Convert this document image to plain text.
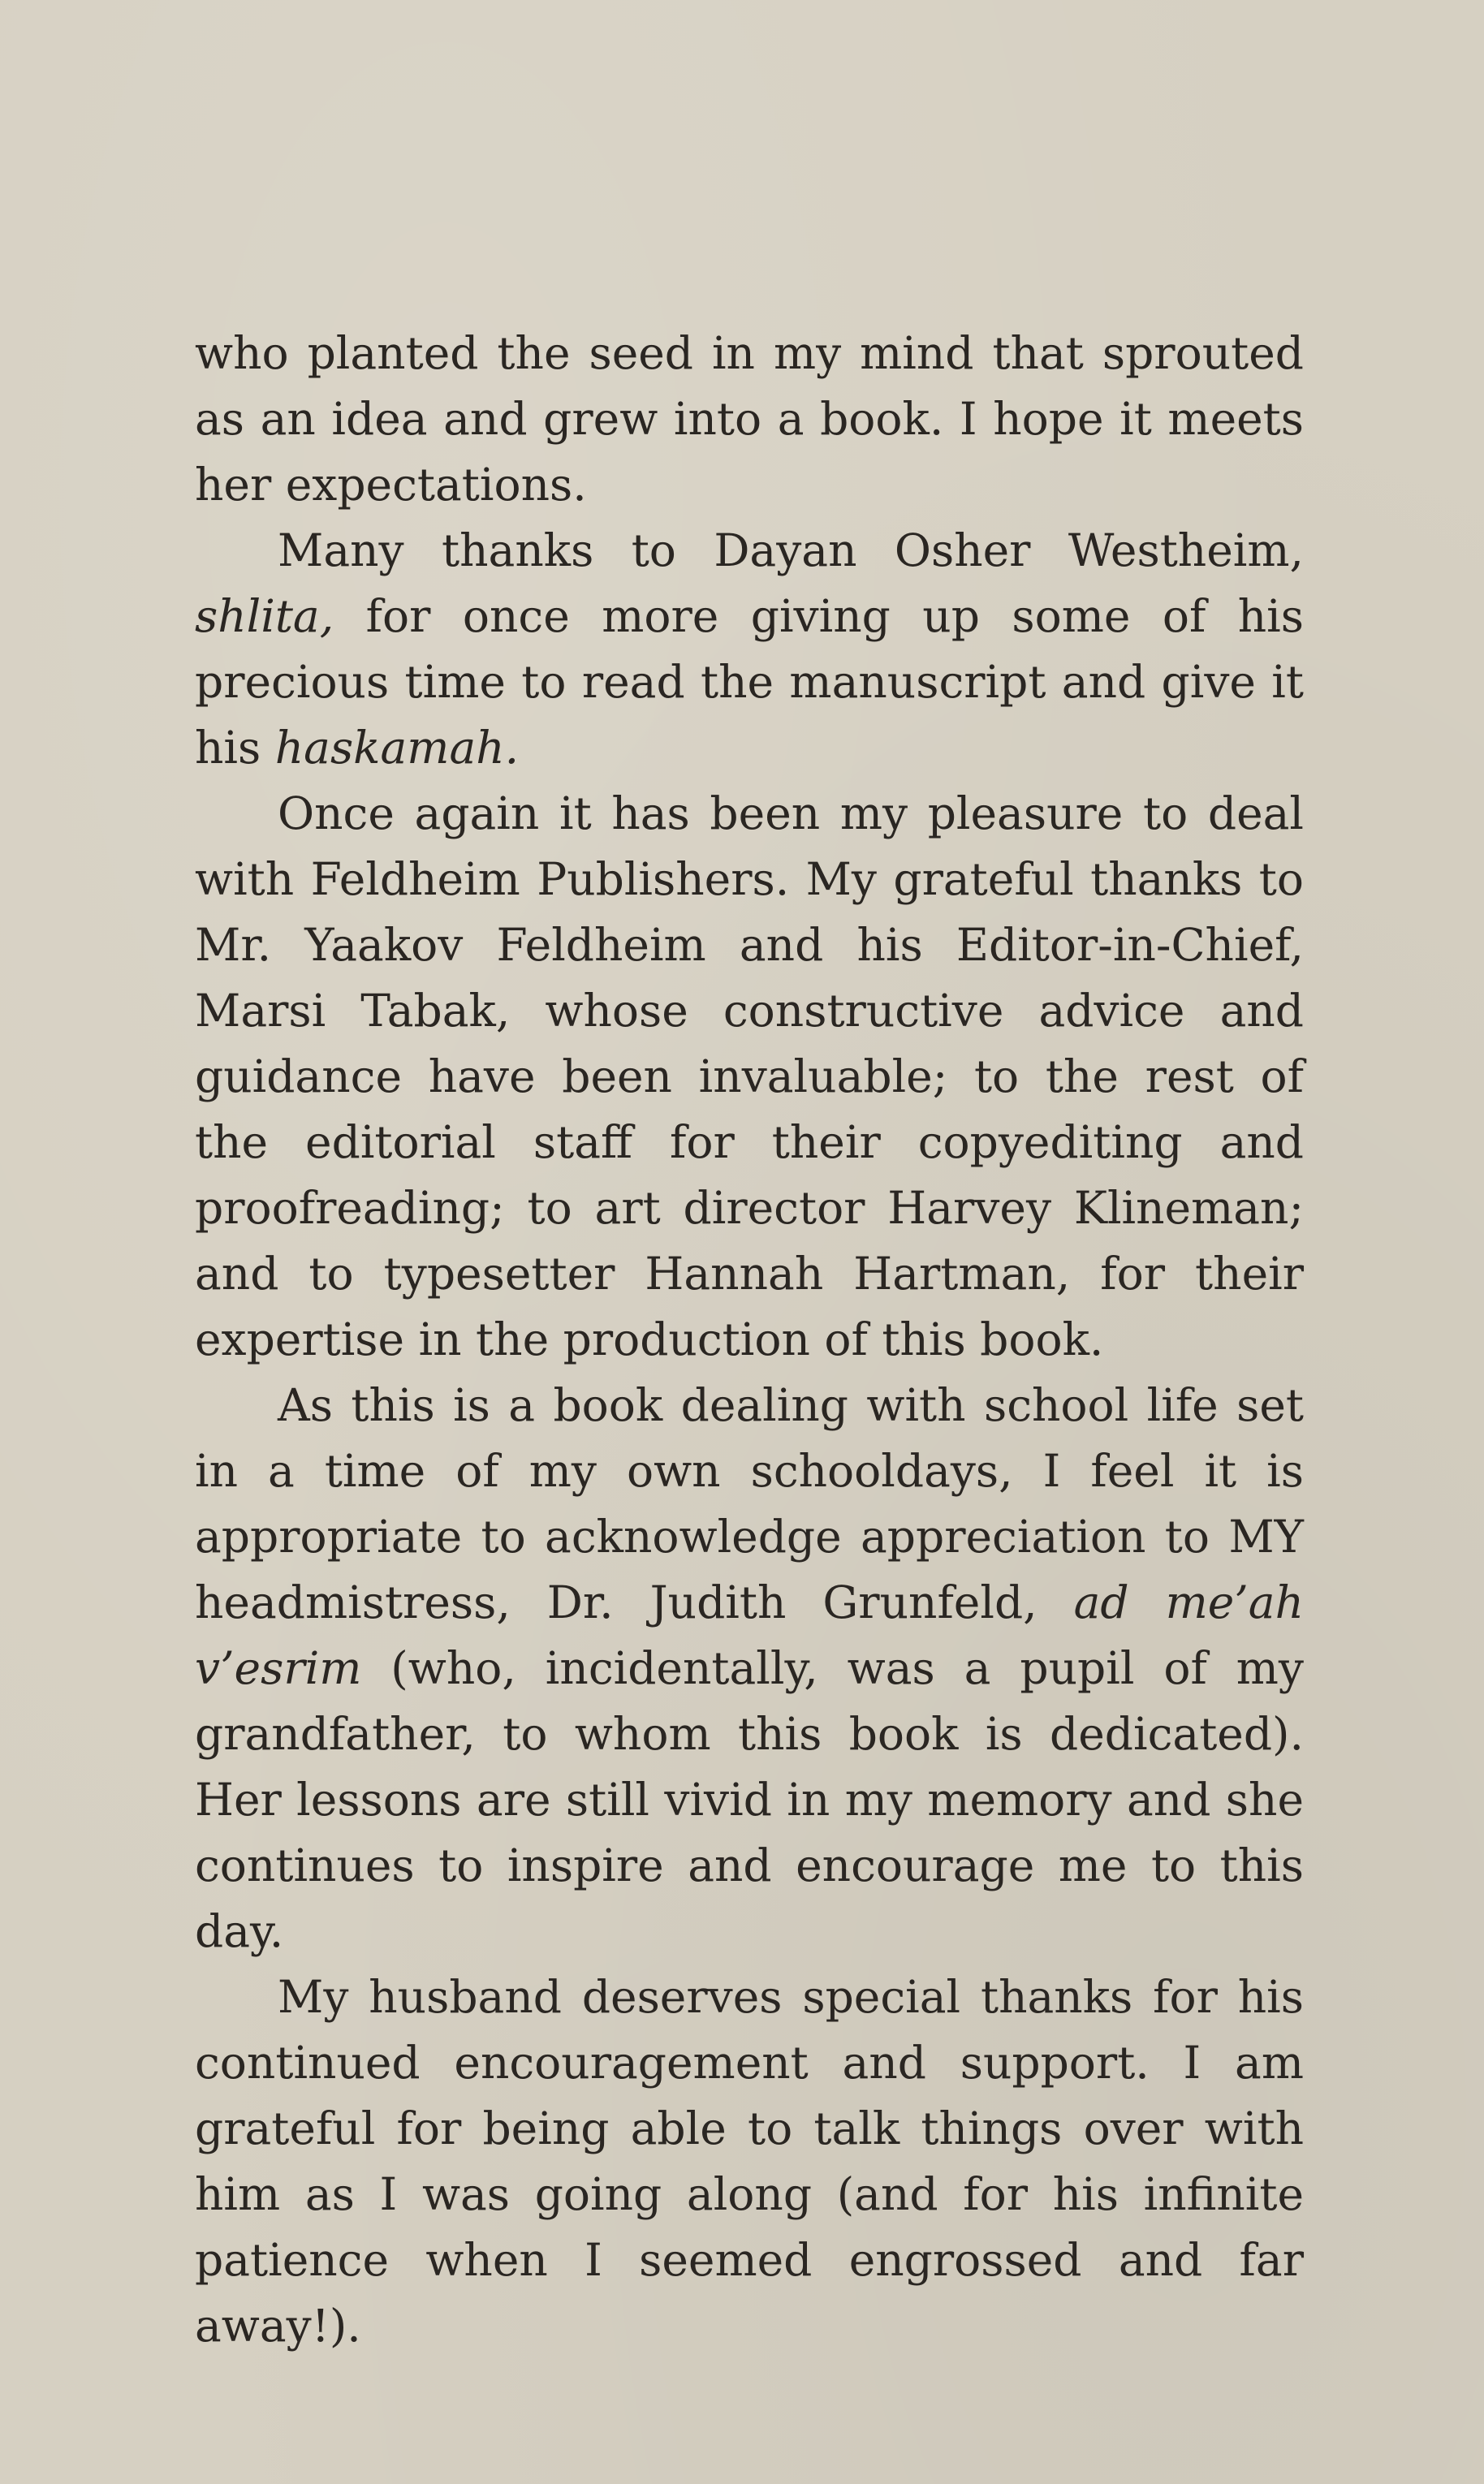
who planted the seed in my mind that sprouted as an idea and grew into a book. I hope it meets her expectations.

Many thanks to Dayan Osher Westheim, shlita, for once more giving up some of his precious time to read the manuscript and give it his haskamah.

Once again it has been my pleasure to deal with Feldheim Publishers. My grateful thanks to Mr. Yaakov Feldheim and his Editor-in-Chief, Marsi Tabak, whose constructive advice and guidance have been invaluable; to the rest of the editorial staff for their copyediting and proofreading; to art director Harvey Klineman; and to typesetter Hannah Hartman, for their expertise in the production of this book.

As this is a book dealing with school life set in a time of my own schooldays, I feel it is appropriate to acknowledge appreciation to MY headmistress, Dr. Judith Grunfeld, ad me’ah v’esrim (who, incidentally, was a pupil of my grandfather, to whom this book is dedicated). Her lessons are still vivid in my memory and she continues to inspire and encourage me to this day.

My husband deserves special thanks for his continued encouragement and support. I am grateful for being able to talk things over with him as I was going along (and for his infinite patience when I seemed engrossed and far away!).
